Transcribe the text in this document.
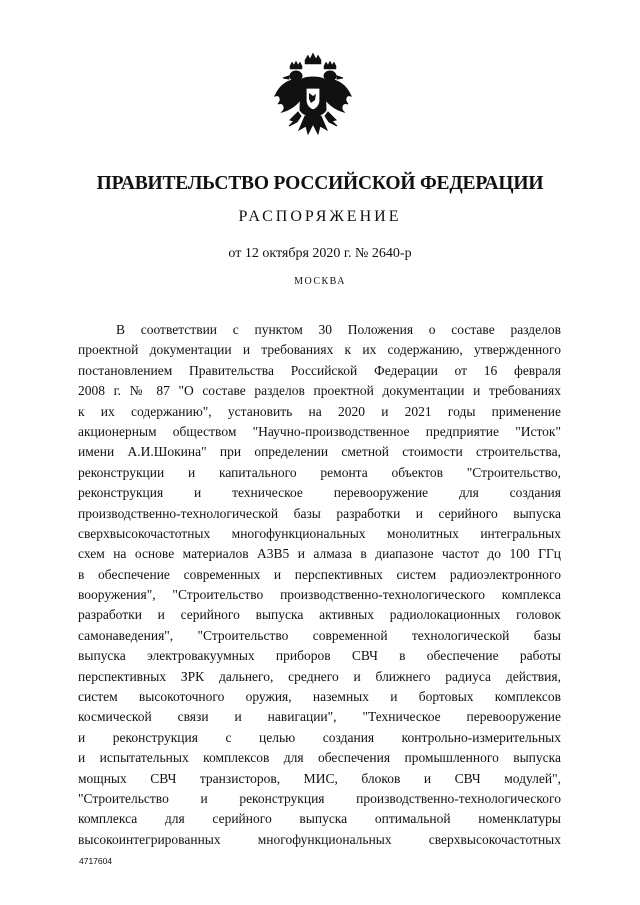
ПРАВИТЕЛЬСТВО РОССИЙСКОЙ ФЕДЕРАЦИИ
РАСПОРЯЖЕНИЕ
от 12 октября 2020 г. № 2640-р
МОСКВА
В соответствии с пунктом 30 Положения о составе разделов
проектной документации и требованиях к их содержанию, утвержденного
постановлением Правительства Российской Федерации от 16 февраля
2008 г. № 87 "О составе разделов проектной документации и требованиях
к их содержанию", установить на 2020 и 2021 годы применение
акционерным обществом "Научно-производственное предприятие "Исток"
имени А.И.Шокина" при определении сметной стоимости строительства,
реконструкции и капитального ремонта объектов "Строительство,
реконструкция и техническое перевооружение для создания
производственно-технологической базы разработки и серийного выпуска
сверхвысокочастотных многофункциональных монолитных интегральных
схем на основе материалов А3В5 и алмаза в диапазоне частот до 100 ГГц
в обеспечение современных и перспективных систем радиоэлектронного
вооружения", "Строительство производственно-технологического комплекса
разработки и серийного выпуска активных радиолокационных головок
самонаведения", "Строительство современной технологической базы
выпуска электровакуумных приборов СВЧ в обеспечение работы
перспективных ЗРК дальнего, среднего и ближнего радиуса действия,
систем высокоточного оружия, наземных и бортовых комплексов
космической связи и навигации", "Техническое перевооружение
и реконструкция с целью создания контрольно-измерительных
и испытательных комплексов для обеспечения промышленного выпуска
мощных СВЧ транзисторов, МИС, блоков и СВЧ модулей",
"Строительство и реконструкция производственно-технологического
комплекса для серийного выпуска оптимальной номенклатуры
высокоинтегрированных многофункциональных сверхвысокочастотных
4717604
